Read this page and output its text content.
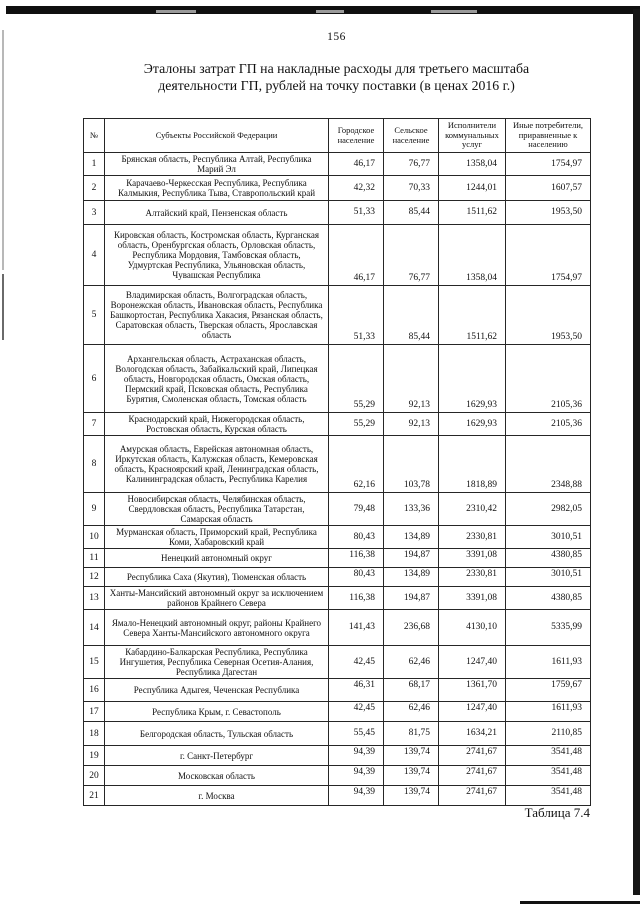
156
Эталоны затрат ГП на накладные расходы для третьего масштаба
деятельности ГП, рублей на точку поставки (в ценах 2016 г.)
№	Субъекты Российской Федерации	Городское население	Сельское население	Исполнители коммунальных услуг	Иные потребители, приравненные к населению
1	Брянская область, Республика Алтай, Республика Марий Эл	46,17	76,77	1358,04	1754,97
2	Карачаево-Черкесская Республика, Республика Калмыкия, Республика Тыва, Ставропольский край	42,32	70,33	1244,01	1607,57
3	Алтайский край, Пензенская область	51,33	85,44	1511,62	1953,50
4	Кировская область, Костромская область, Курганская область, Оренбургская область, Орловская область, Республика Мордовия, Тамбовская область, Удмуртская Республика, Ульяновская область, Чувашская Республика	46,17	76,77	1358,04	1754,97
5	Владимирская область, Волгоградская область, Воронежская область, Ивановская область, Республика Башкортостан, Республика Хакасия, Рязанская область, Саратовская область, Тверская область, Ярославская область	51,33	85,44	1511,62	1953,50
6	Архангельская область, Астраханская область, Вологодская область, Забайкальский край, Липецкая область, Новгородская область, Омская область, Пермский край, Псковская область, Республика Бурятия, Смоленская область, Томская область	55,29	92,13	1629,93	2105,36
7	Краснодарский край, Нижегородская область, Ростовская область, Курская область	55,29	92,13	1629,93	2105,36
8	Амурская область, Еврейская автономная область, Иркутская область, Калужская область, Кемеровская область, Красноярский край, Ленинградская область, Калининградская область, Республика Карелия	62,16	103,78	1818,89	2348,88
9	Новосибирская область, Челябинская область, Свердловская область, Республика Татарстан, Самарская область	79,48	133,36	2310,42	2982,05
10	Мурманская область, Приморский край, Республика Коми, Хабаровский край	80,43	134,89	2330,81	3010,51
11	Ненецкий автономный округ	116,38	194,87	3391,08	4380,85
12	Республика Саха (Якутия), Тюменская область	80,43	134,89	2330,81	3010,51
13	Ханты-Мансийский автономный округ за исключением районов Крайнего Севера	116,38	194,87	3391,08	4380,85
14	Ямало-Ненецкий автономный округ, районы Крайнего Севера Ханты-Мансийского автономного округа	141,43	236,68	4130,10	5335,99
15	Кабардино-Балкарская Республика, Республика Ингушетия, Республика Северная Осетия-Алания, Республика Дагестан	42,45	62,46	1247,40	1611,93
16	Республика Адыгея, Чеченская Республика	46,31	68,17	1361,70	1759,67
17	Республика Крым, г. Севастополь	42,45	62,46	1247,40	1611,93
18	Белгородская область, Тульская область	55,45	81,75	1634,21	2110,85
19	г. Санкт-Петербург	94,39	139,74	2741,67	3541,48
20	Московская область	94,39	139,74	2741,67	3541,48
21	г. Москва	94,39	139,74	2741,67	3541,48
Таблица 7.4
